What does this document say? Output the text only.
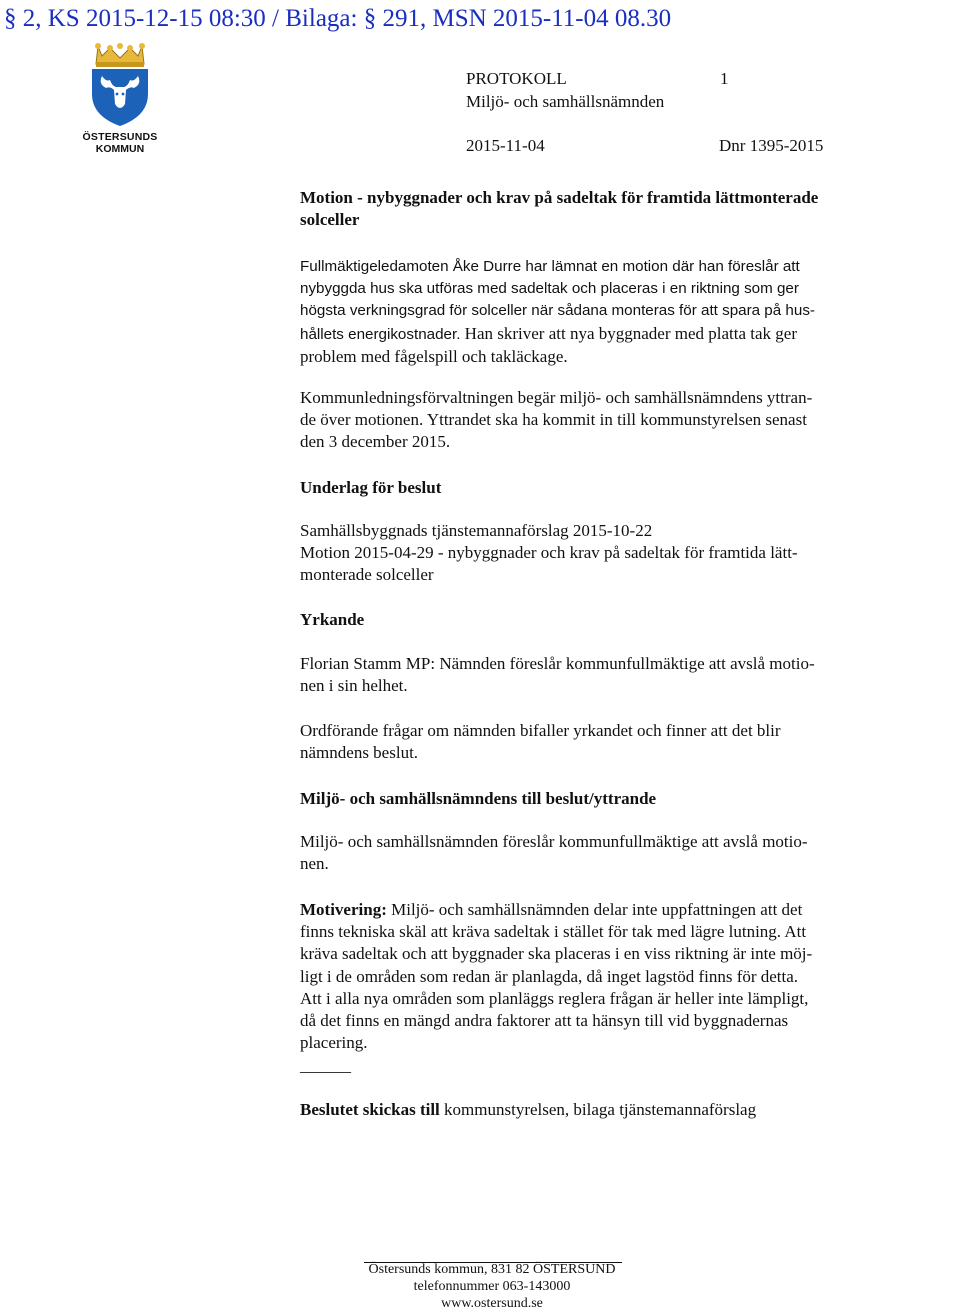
§ 2, KS 2015-12-15 08:30 / Bilaga: § 291, MSN 2015-11-04 08.30
ÖSTERSUNDS
KOMMUN
PROTOKOLL	1
Miljö- och samhällsnämnden
2015-11-04	Dnr 1395-2015
Motion - nybyggnader och krav på sadeltak för framtida lättmonterade
solceller
Fullmäktigeledamoten Åke Durre har lämnat en motion där han föreslår att
nybyggda hus ska utföras med sadeltak och placeras i en riktning som ger
högsta verkningsgrad för solceller när sådana monteras för att spara på hus-
hållets energikostnader. Han skriver att nya byggnader med platta tak ger
problem med fågelspill och takläckage.
Kommunledningsförvaltningen begär miljö- och samhällsnämndens yttran-
de över motionen. Yttrandet ska ha kommit in till kommunstyrelsen senast
den 3 december 2015.
Underlag för beslut
Samhällsbyggnads tjänstemannaförslag 2015-10-22
Motion 2015-04-29 - nybyggnader och krav på sadeltak för framtida lätt-
monterade solceller
Yrkande
Florian Stamm MP: Nämnden föreslår kommunfullmäktige att avslå motio-
nen i sin helhet.
Ordförande frågar om nämnden bifaller yrkandet och finner att det blir
nämndens beslut.
Miljö- och samhällsnämndens till beslut/yttrande
Miljö- och samhällsnämnden föreslår kommunfullmäktige att avslå motio-
nen.
Motivering: Miljö- och samhällsnämnden delar inte uppfattningen att det
finns tekniska skäl att kräva sadeltak i stället för tak med lägre lutning. Att
kräva sadeltak och att byggnader ska placeras i en viss riktning är inte möj-
ligt i de områden som redan är planlagda, då inget lagstöd finns för detta.
Att i alla nya områden som planläggs reglera frågan är heller inte lämpligt,
då det finns en mängd andra faktorer att ta hänsyn till vid byggnadernas
placering.
______
Beslutet skickas till kommunstyrelsen, bilaga tjänstemannaförslag
Östersunds kommun, 831 82 ÖSTERSUND
telefonnummer 063-143000
www.ostersund.se
